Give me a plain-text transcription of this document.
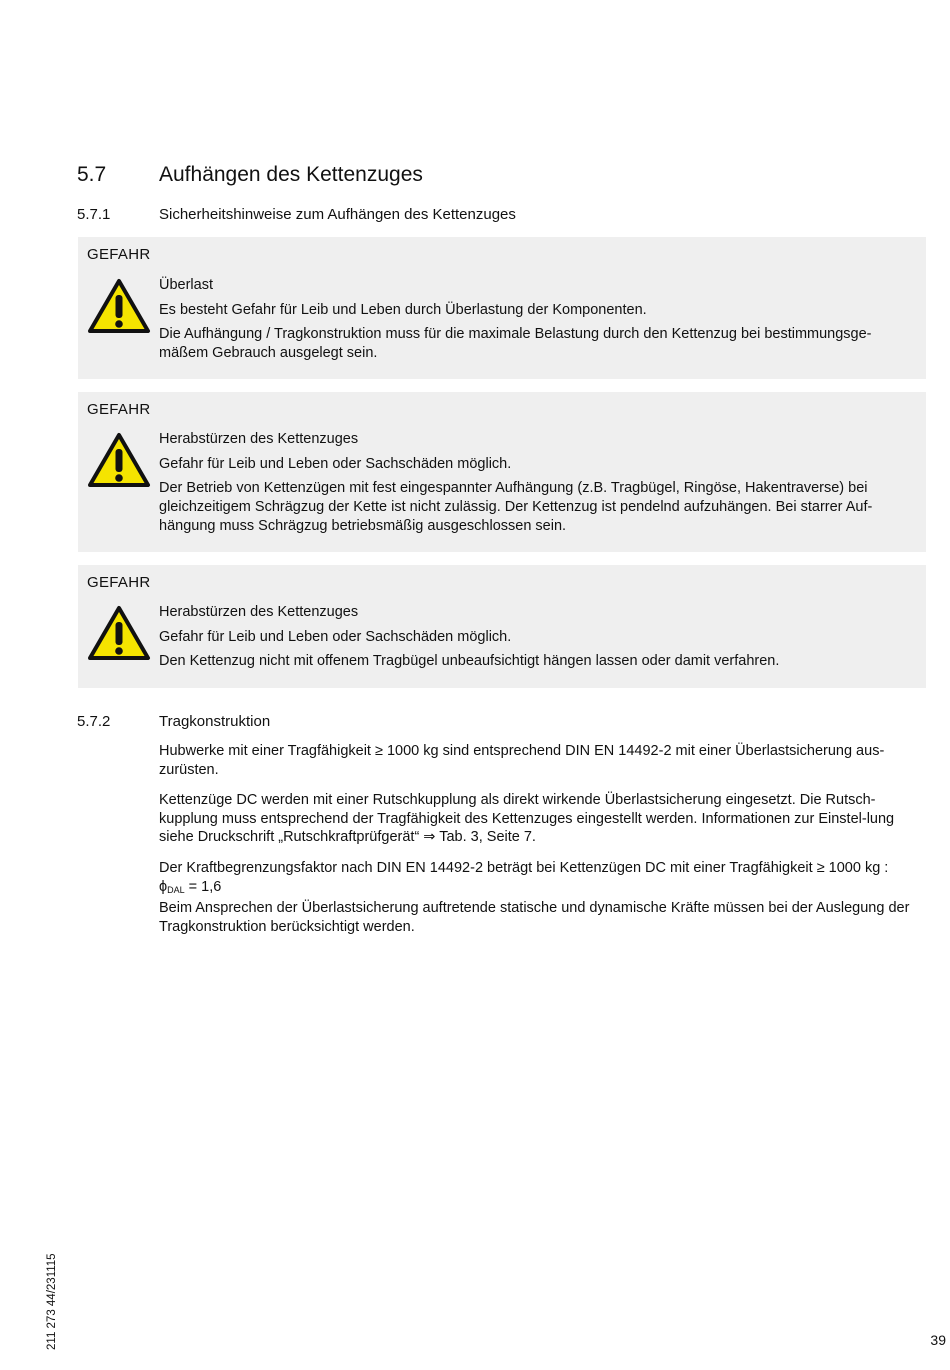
5.7	Aufhängen des Kettenzuges
5.7.1	Sicherheitshinweise zum Aufhängen des Kettenzuges
GEFAHR

Überlast

Es besteht Gefahr für Leib und Leben durch Überlastung der Komponenten.

Die Aufhängung / Tragkonstruktion muss für die maximale Belastung durch den Kettenzug bei bestimmungsge-mäßem Gebrauch ausgelegt sein.

GEFAHR

Herabstürzen des Kettenzuges

Gefahr für Leib und Leben oder Sachschäden möglich.

Der Betrieb von Kettenzügen mit fest eingespannter Aufhängung (z.B. Tragbügel, Ringöse, Hakentraverse) bei gleichzeitigem Schrägzug der Kette ist nicht zulässig. Der Kettenzug ist pendelnd aufzuhängen. Bei starrer Auf-hängung muss Schrägzug betriebsmäßig ausgeschlossen sein.

GEFAHR

Herabstürzen des Kettenzuges

Gefahr für Leib und Leben oder Sachschäden möglich.

Den Kettenzug nicht mit offenem Tragbügel unbeaufsichtigt hängen lassen oder damit verfahren.

5.7.2	Tragkonstruktion

Hubwerke mit einer Tragfähigkeit ≥ 1000 kg sind entsprechend DIN EN 14492-2 mit einer Überlastsicherung aus-zurüsten.

Kettenzüge DC werden mit einer Rutschkupplung als direkt wirkende Überlastsicherung eingesetzt. Die Rutsch-kupplung muss entsprechend der Tragfähigkeit des Kettenzuges eingestellt werden. Informationen zur Einstel-lung siehe Druckschrift „Rutschkraftprüfgerät“ ⇒ Tab. 3, Seite 7.

Der Kraftbegrenzungsfaktor nach DIN EN 14492-2 beträgt bei Kettenzügen DC mit einer Tragfähigkeit ≥ 1000 kg :

$\phi_{DAL} = 1,6$

Beim Ansprechen der Überlastsicherung auftretende statische und dynamische Kräfte müssen bei der Auslegung der Tragkonstruktion berücksichtigt werden.

211 273 44/231115	39
